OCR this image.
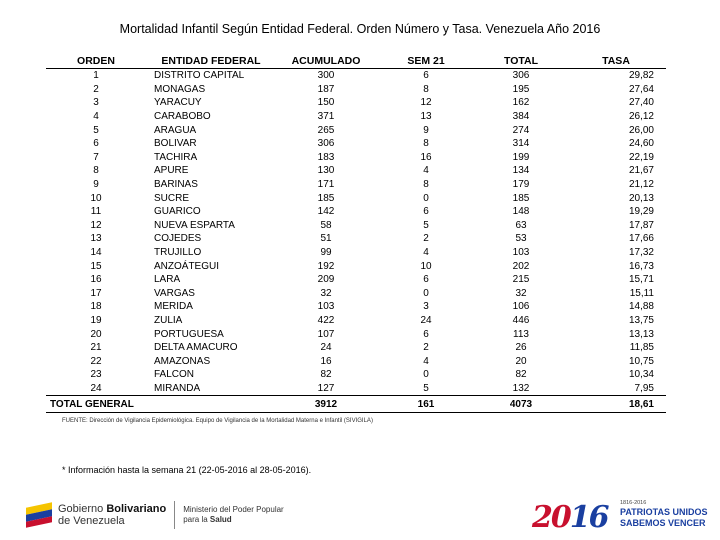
Mortalidad Infantil Según Entidad Federal. Orden Número y Tasa. Venezuela Año 2016
ORDEN	ENTIDAD FEDERAL	ACUMULADO	SEM 21	TOTAL	TASA
1	DISTRITO CAPITAL	300	6	306	29,82
2	MONAGAS	187	8	195	27,64
3	YARACUY	150	12	162	27,40
4	CARABOBO	371	13	384	26,12
5	ARAGUA	265	9	274	26,00
6	BOLIVAR	306	8	314	24,60
7	TACHIRA	183	16	199	22,19
8	APURE	130	4	134	21,67
9	BARINAS	171	8	179	21,12
10	SUCRE	185	0	185	20,13
11	GUARICO	142	6	148	19,29
12	NUEVA ESPARTA	58	5	63	17,87
13	COJEDES	51	2	53	17,66
14	TRUJILLO	99	4	103	17,32
15	ANZOÁTEGUI	192	10	202	16,73
16	LARA	209	6	215	15,71
17	VARGAS	32	0	32	15,11
18	MERIDA	103	3	106	14,88
19	ZULIA	422	24	446	13,75
20	PORTUGUESA	107	6	113	13,13
21	DELTA AMACURO	24	2	26	11,85
22	AMAZONAS	16	4	20	10,75
23	FALCON	82	0	82	10,34
24	MIRANDA	127	5	132	7,95
TOTAL GENERAL		3912	161	4073	18,61
FUENTE: Dirección de Vigilancia Epidemiológica. Equipo de Vigilancia de la Mortalidad Materna e Infantil (SIVIGILA)
* Información hasta la semana 21 (22-05-2016 al 28-05-2016).
Gobierno Bolivariano
de Venezuela
Ministerio del Poder Popular
para la Salud	2016 1816-2016
PATRIOTAS UNIDOS
SABEMOS VENCER
